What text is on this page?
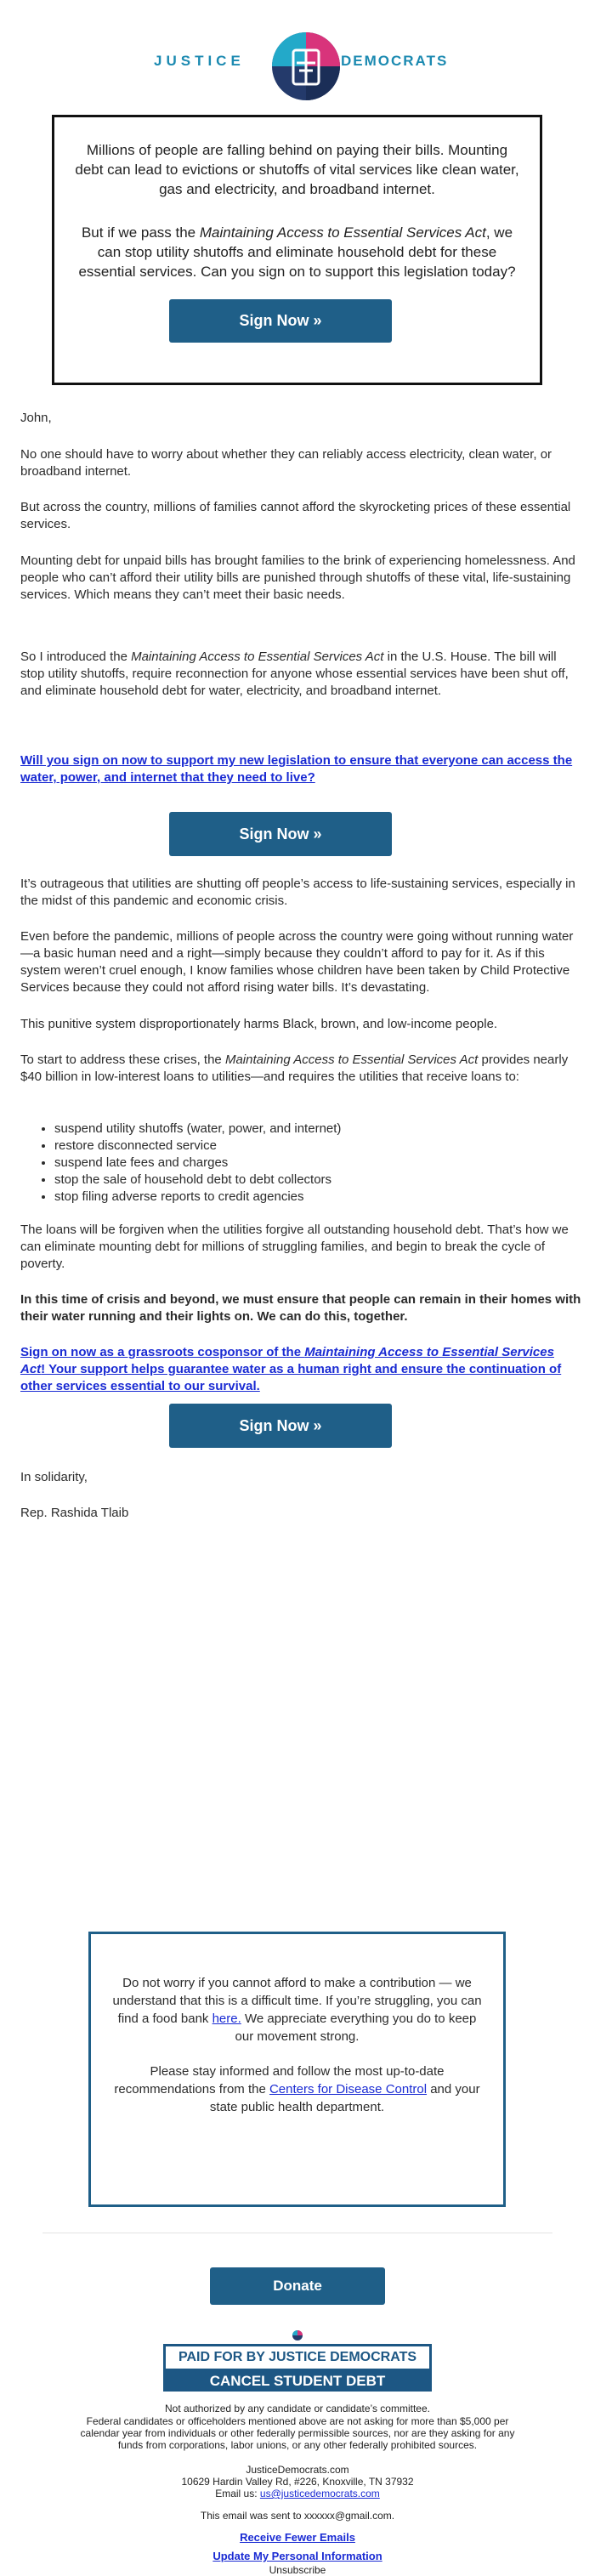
JUSTICE	DEMOCRATS

Millions of people are falling behind on paying their bills. Mounting debt can lead to evictions or shutoffs of vital services like clean water, gas and electricity, and broadband internet.

But if we pass the Maintaining Access to Essential Services Act, we can stop utility shutoffs and eliminate household debt for these essential services. Can you sign on to support this legislation today?

Sign Now »
John,
No one should have to worry about whether they can reliably access electricity, clean water, or broadband internet.
But across the country, millions of families cannot afford the skyrocketing prices of these essential services.
Mounting debt for unpaid bills has brought families to the brink of experiencing homelessness. And people who can’t afford their utility bills are punished through shutoffs of these vital, life-sustaining services. Which means they can’t meet their basic needs.

So I introduced the Maintaining Access to Essential Services Act in the U.S. House. The bill will stop utility shutoffs, require reconnection for anyone whose essential services have been shut off, and eliminate household debt for water, electricity, and broadband internet.

Will you sign on now to support my new legislation to ensure that everyone can access the water, power, and internet that they need to live?
Sign Now »
It’s outrageous that utilities are shutting off people’s access to life-sustaining services, especially in the midst of this pandemic and economic crisis.
Even before the pandemic, millions of people across the country were going without running water—a basic human need and a right—simply because they couldn’t afford to pay for it. As if this system weren’t cruel enough, I know families whose children have been taken by Child Protective Services because they could not afford rising water bills. It’s devastating.
This punitive system disproportionately harms Black, brown, and low-income people.

To start to address these crises, the Maintaining Access to Essential Services Act provides nearly $40 billion in low-interest loans to utilities—and requires the utilities that receive loans to:

• suspend utility shutoffs (water, power, and internet)
• restore disconnected service
• suspend late fees and charges
• stop the sale of household debt to debt collectors
• stop filing adverse reports to credit agencies
The loans will be forgiven when the utilities forgive all outstanding household debt. That’s how we can eliminate mounting debt for millions of struggling families, and begin to break the cycle of poverty.
In this time of crisis and beyond, we must ensure that people can remain in their homes with their water running and their lights on. We can do this, together.
Sign on now as a grassroots cosponsor of the Maintaining Access to Essential Services Act! Your support helps guarantee water as a human right and ensure the continuation of other services essential to our survival.
Sign Now »
In solidarity,
Rep. Rashida Tlaib

Do not worry if you cannot afford to make a contribution — we understand that this is a difficult time. If you’re struggling, you can find a food bank here. We appreciate everything you do to keep our movement strong.

Please stay informed and follow the most up-to-date recommendations from the Centers for Disease Control and your state public health department.

Donate
PAID FOR BY JUSTICE DEMOCRATS
CANCEL STUDENT DEBT
Not authorized by any candidate or candidate’s committee.
Federal candidates or officeholders mentioned above are not asking for more than $5,000 per calendar year from individuals or other federally permissible sources, nor are they asking for any funds from corporations, labor unions, or any other federally prohibited sources.
JusticeDemocrats.com
10629 Hardin Valley Rd, #226, Knoxville, TN 37932
Email us: us@justicedemocrats.com
This email was sent to xxxxxx@gmail.com.
Receive Fewer Emails
Update My Personal Information
Unsubscribe
